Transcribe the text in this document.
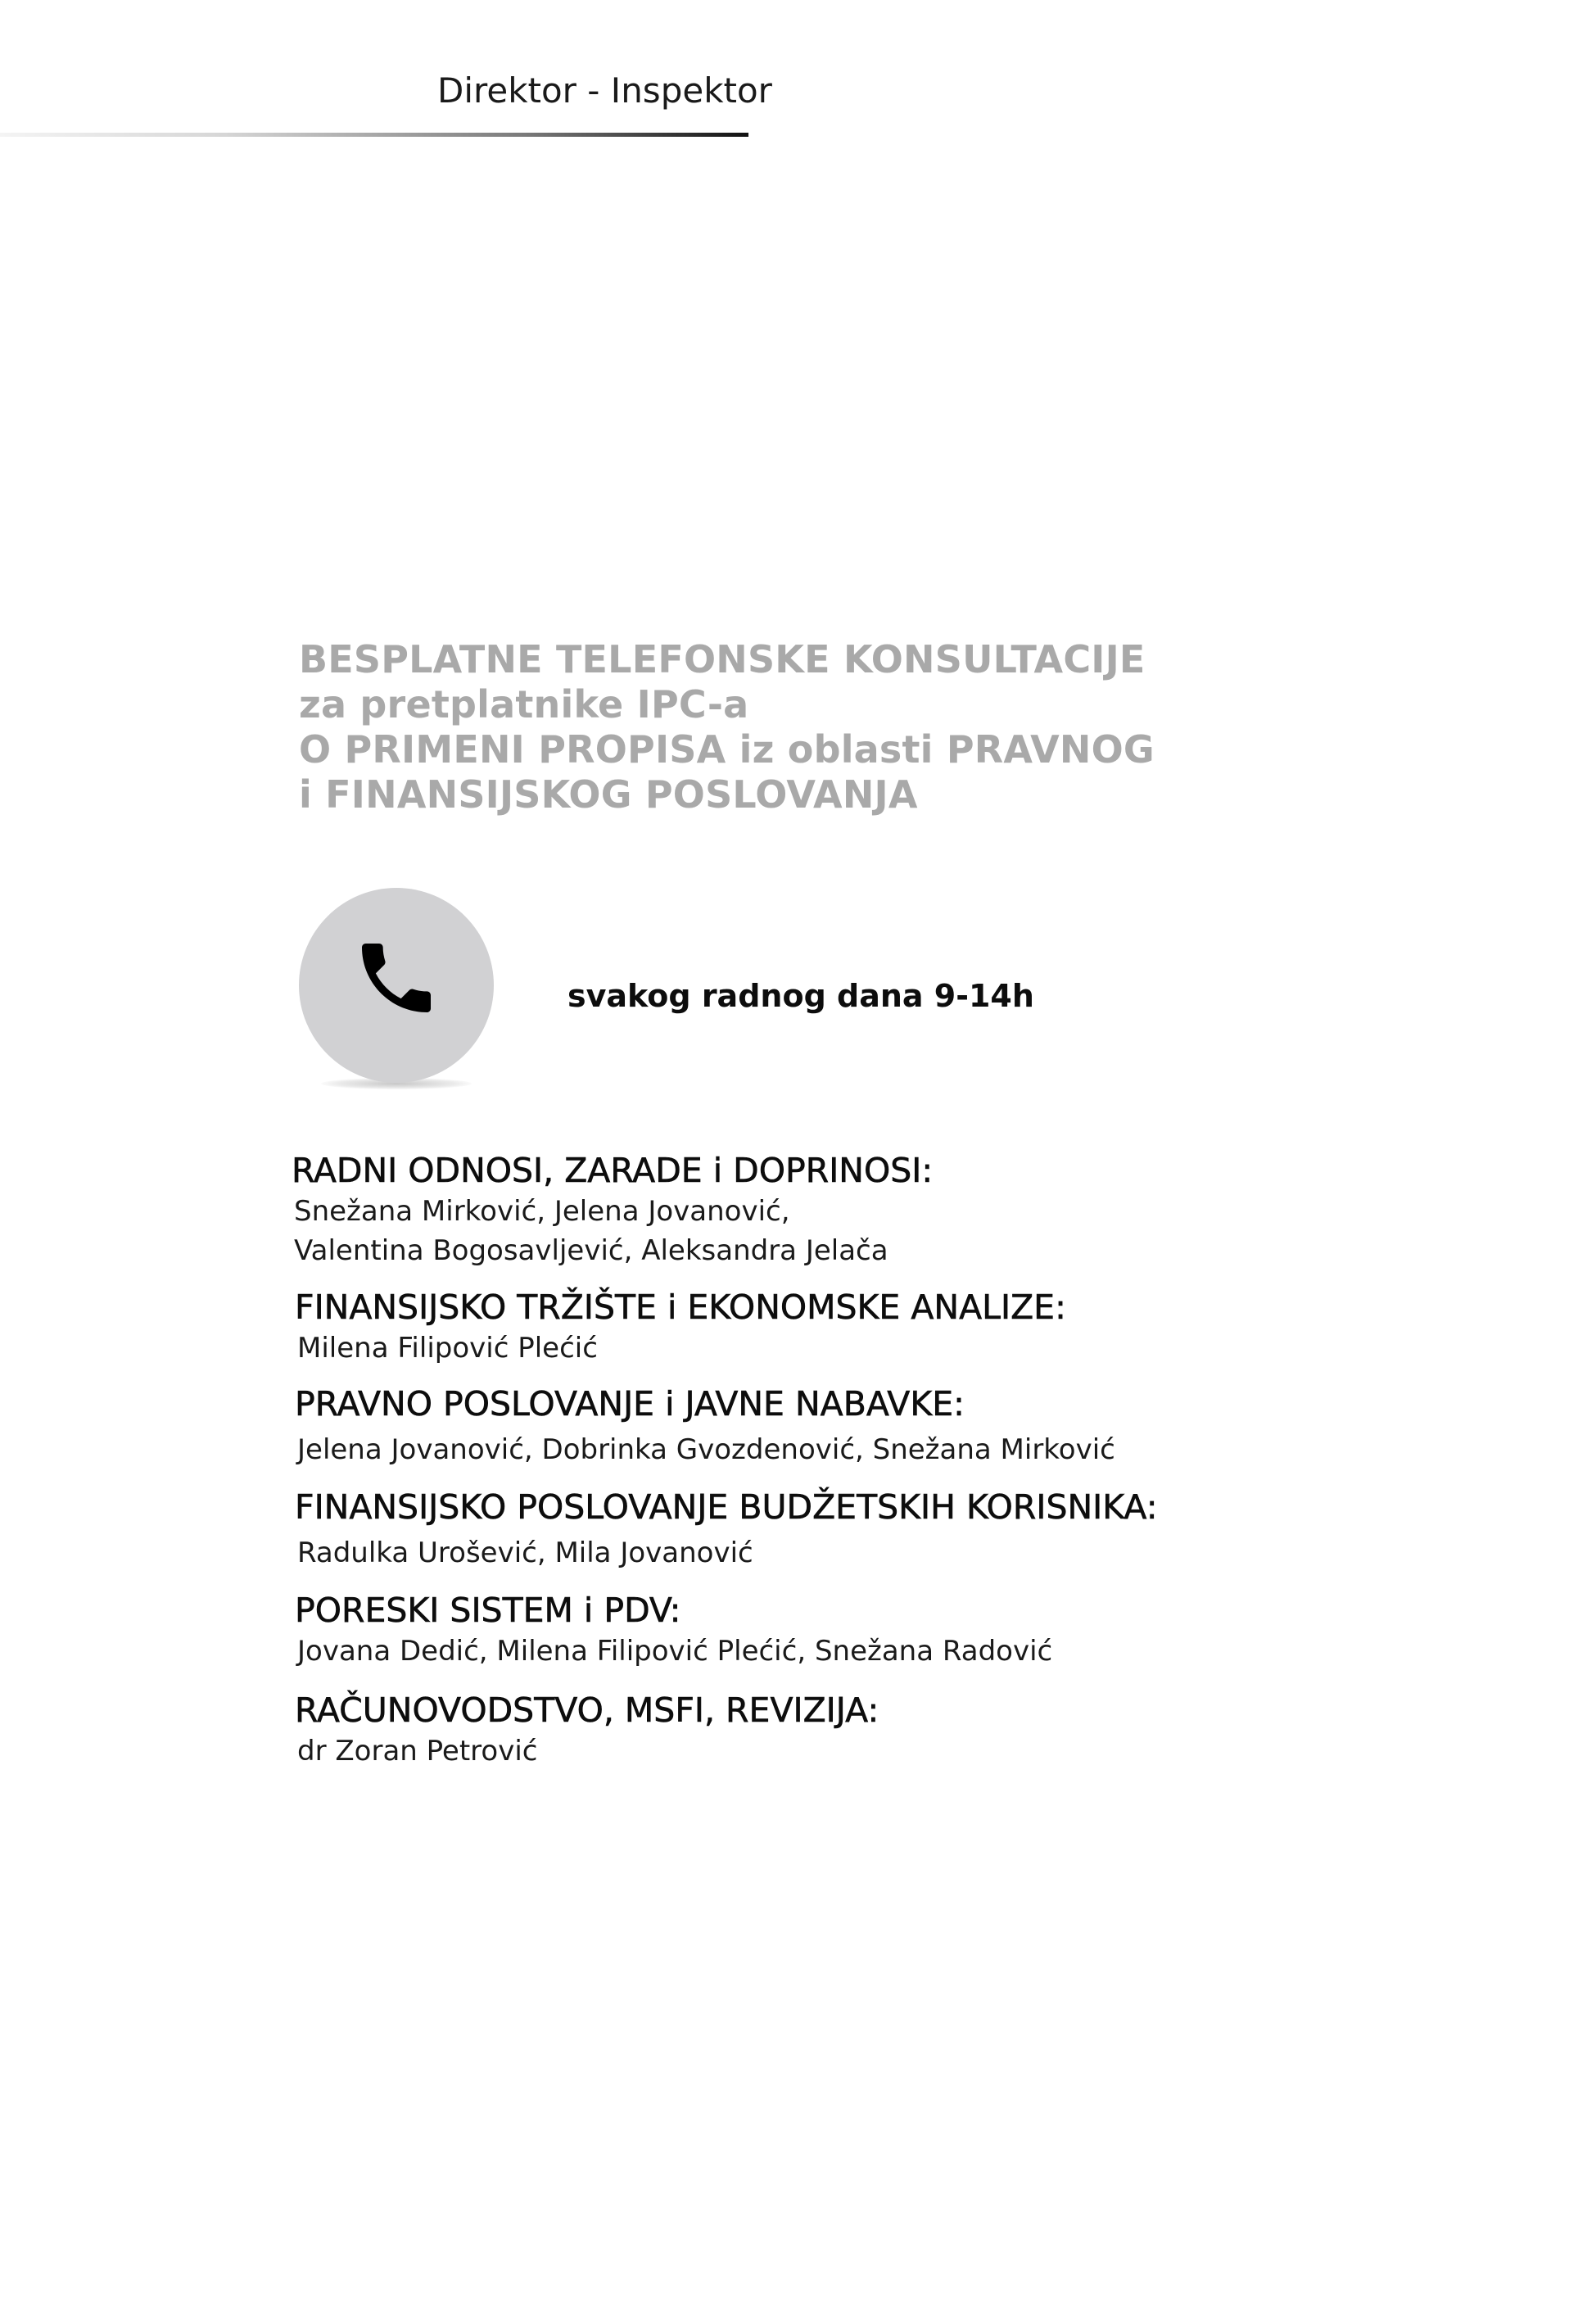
Direktor - Inspektor
BESPLATNE TELEFONSKE KONSULTACIJE
za pretplatnike IPC-a
O PRIMENI PROPISA iz oblasti PRAVNOG
i FINANSIJSKOG POSLOVANJA
svakog radnog dana 9-14h
RADNI ODNOSI, ZARADE i DOPRINOSI:
Snežana Mirković, Jelena Jovanović,
Valentina Bogosavljević, Aleksandra Jelača
FINANSIJSKO TRŽIŠTE i EKONOMSKE ANALIZE:
Milena Filipović Plećić
PRAVNO POSLOVANJE i JAVNE NABAVKE:
Jelena Jovanović, Dobrinka Gvozdenović, Snežana Mirković
FINANSIJSKO POSLOVANJE BUDŽETSKIH KORISNIKA:
Radulka Urošević, Mila Jovanović
PORESKI SISTEM i PDV:
Jovana Dedić, Milena Filipović Plećić, Snežana Radović
RAČUNOVODSTVO, MSFI, REVIZIJA:
dr Zoran Petrović
